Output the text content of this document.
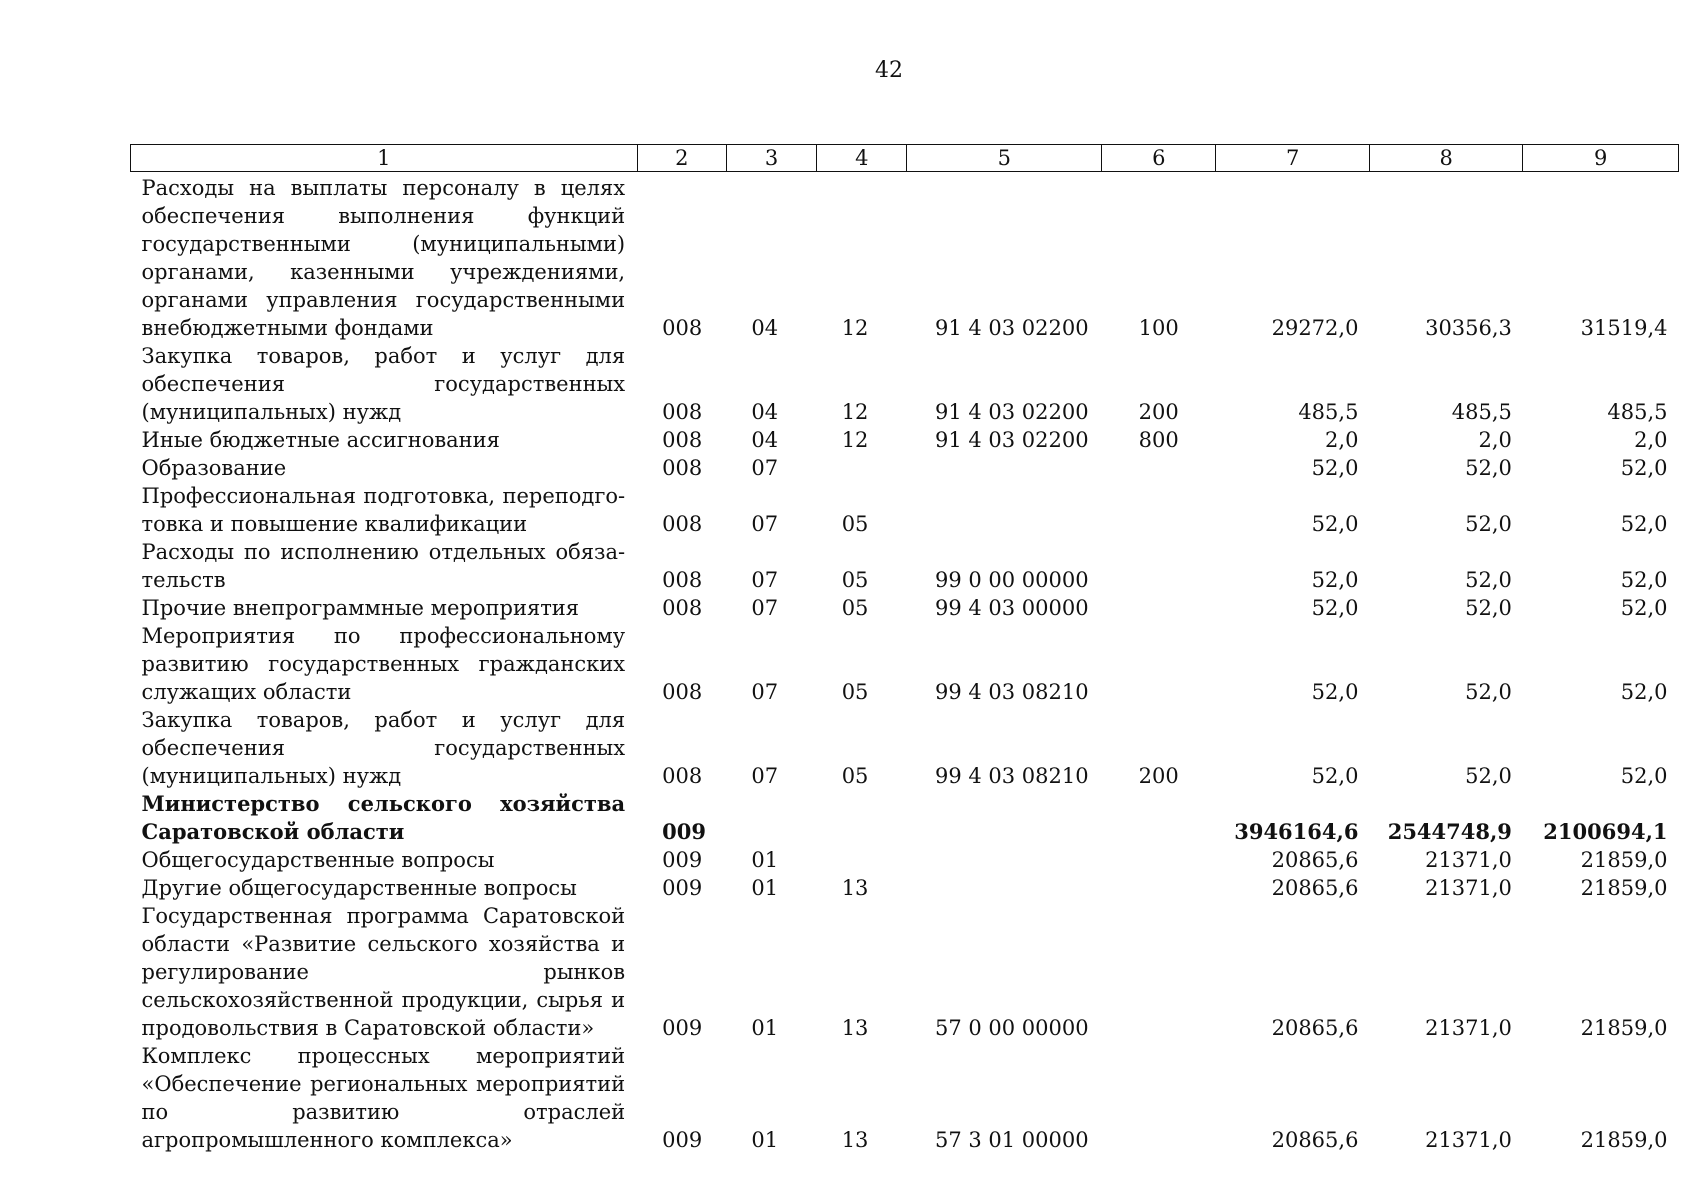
42
1	2	3	4	5	6	7	8	9
Расходы на выплаты персоналу в целях обеспечения выполнения функций государственными (муниципальными) органами, казенными учреждениями, органами управления государственными внебюджетными фондами	008	04	12	91 4 03 02200	100	29272,0	30356,3	31519,4
Закупка товаров, работ и услуг для обеспечения государственных (муниципальных) нужд	008	04	12	91 4 03 02200	200	485,5	485,5	485,5
Иные бюджетные ассигнования	008	04	12	91 4 03 02200	800	2,0	2,0	2,0
Образование	008	07				52,0	52,0	52,0
Профессиональная подготовка, переподготовка и повышение квалификации	008	07	05			52,0	52,0	52,0
Расходы по исполнению отдельных обязательств	008	07	05	99 0 00 00000		52,0	52,0	52,0
Прочие внепрограммные мероприятия	008	07	05	99 4 03 00000		52,0	52,0	52,0
Мероприятия по профессиональному развитию государственных гражданских служащих области	008	07	05	99 4 03 08210		52,0	52,0	52,0
Закупка товаров, работ и услуг для обеспечения государственных (муниципальных) нужд	008	07	05	99 4 03 08210	200	52,0	52,0	52,0
Министерство сельского хозяйства Саратовской области	009					3946164,6	2544748,9	2100694,1
Общегосударственные вопросы	009	01				20865,6	21371,0	21859,0
Другие общегосударственные вопросы	009	01	13			20865,6	21371,0	21859,0
Государственная программа Саратовской области «Развитие сельского хозяйства и регулирование рынков сельскохозяйственной продукции, сырья и продовольствия в Саратовской области»	009	01	13	57 0 00 00000		20865,6	21371,0	21859,0
Комплекс процессных мероприятий «Обеспечение региональных мероприятий по развитию отраслей агропромышленного комплекса»	009	01	13	57 3 01 00000		20865,6	21371,0	21859,0
